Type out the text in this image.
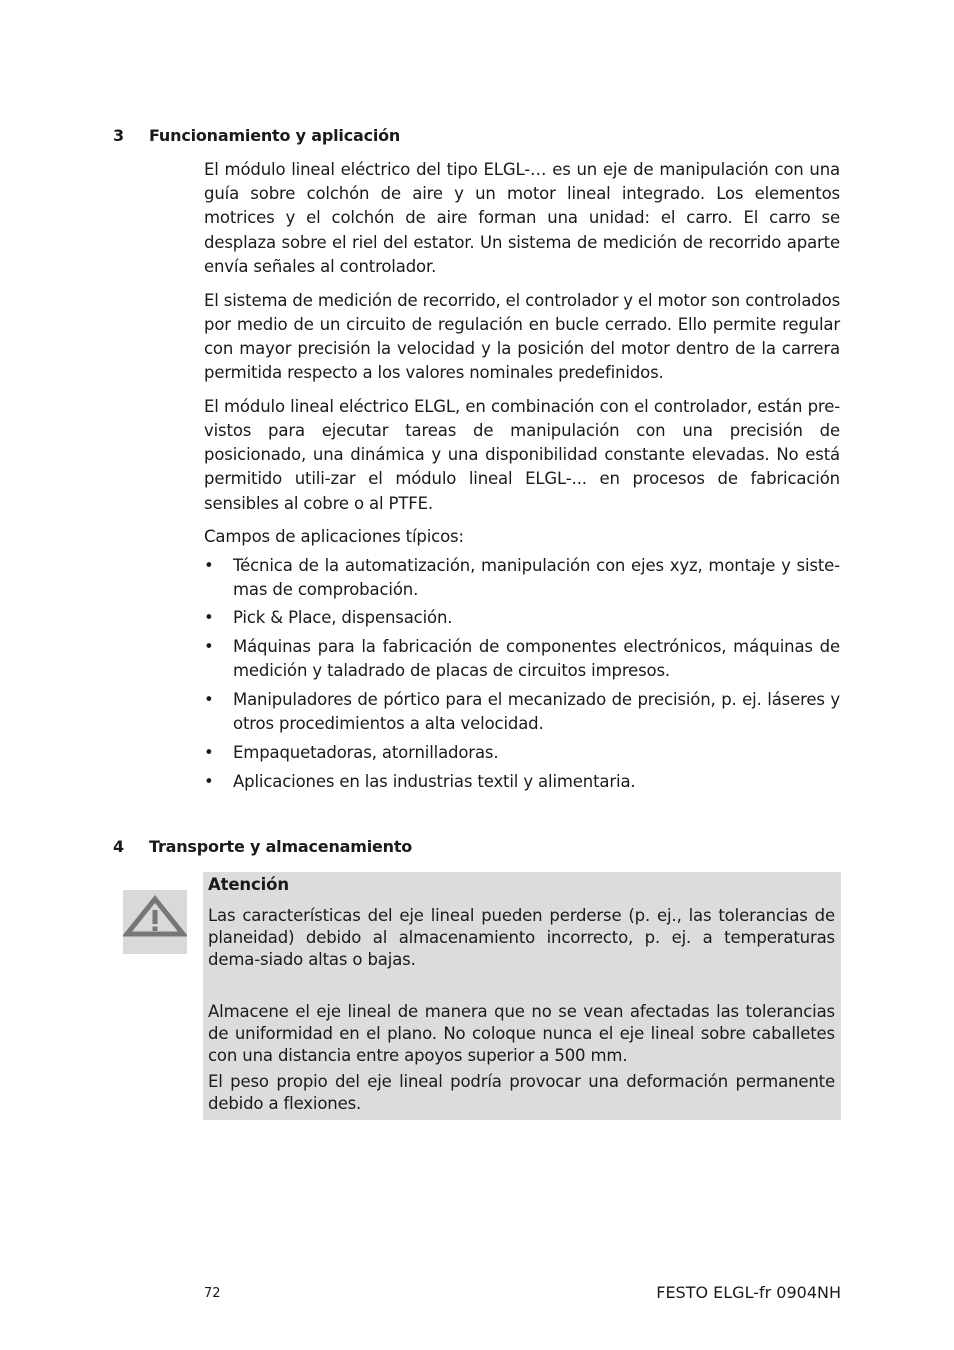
3 Funcionamiento y aplicación

El módulo lineal eléctrico del tipo ELGL-… es un eje de manipulación con una guía sobre colchón de aire y un motor lineal integrado. Los elementos motrices y el colchón de aire forman una unidad: el carro. El carro se desplaza sobre el riel del estator. Un sistema de medición de recorrido aparte envía señales al controlador.

El sistema de medición de recorrido, el controlador y el motor son controlados por medio de un circuito de regulación en bucle cerrado. Ello permite regular con mayor precisión la velocidad y la posición del motor dentro de la carrera permitida respecto a los valores nominales predefinidos.

El módulo lineal eléctrico ELGL, en combinación con el controlador, están pre-vistos para ejecutar tareas de manipulación con una precisión de posicionado, una dinámica y una disponibilidad constante elevadas. No está permitido utili-zar el módulo lineal ELGL-... en procesos de fabricación sensibles al cobre o al PTFE.

Campos de aplicaciones típicos:

• Técnica de la automatización, manipulación con ejes xyz, montaje y siste-mas de comprobación.
• Pick & Place, dispensación.
• Máquinas para la fabricación de componentes electrónicos, máquinas de medición y taladrado de placas de circuitos impresos.
• Manipuladores de pórtico para el mecanizado de precisión, p. ej. láseres y otros procedimientos a alta velocidad.
• Empaquetadoras, atornilladoras.
• Aplicaciones en las industrias textil y alimentaria.
4 Transporte y almacenamiento

Atención

Las características del eje lineal pueden perderse (p. ej., las tolerancias de planeidad) debido al almacenamiento incorrecto, p. ej. a temperaturas dema-siado altas o bajas.

Almacene el eje lineal de manera que no se vean afectadas las tolerancias de uniformidad en el plano. No coloque nunca el eje lineal sobre caballetes con una distancia entre apoyos superior a 500 mm.

El peso propio del eje lineal podría provocar una deformación permanente debido a flexiones.

72	FESTO ELGL-fr 0904NH
